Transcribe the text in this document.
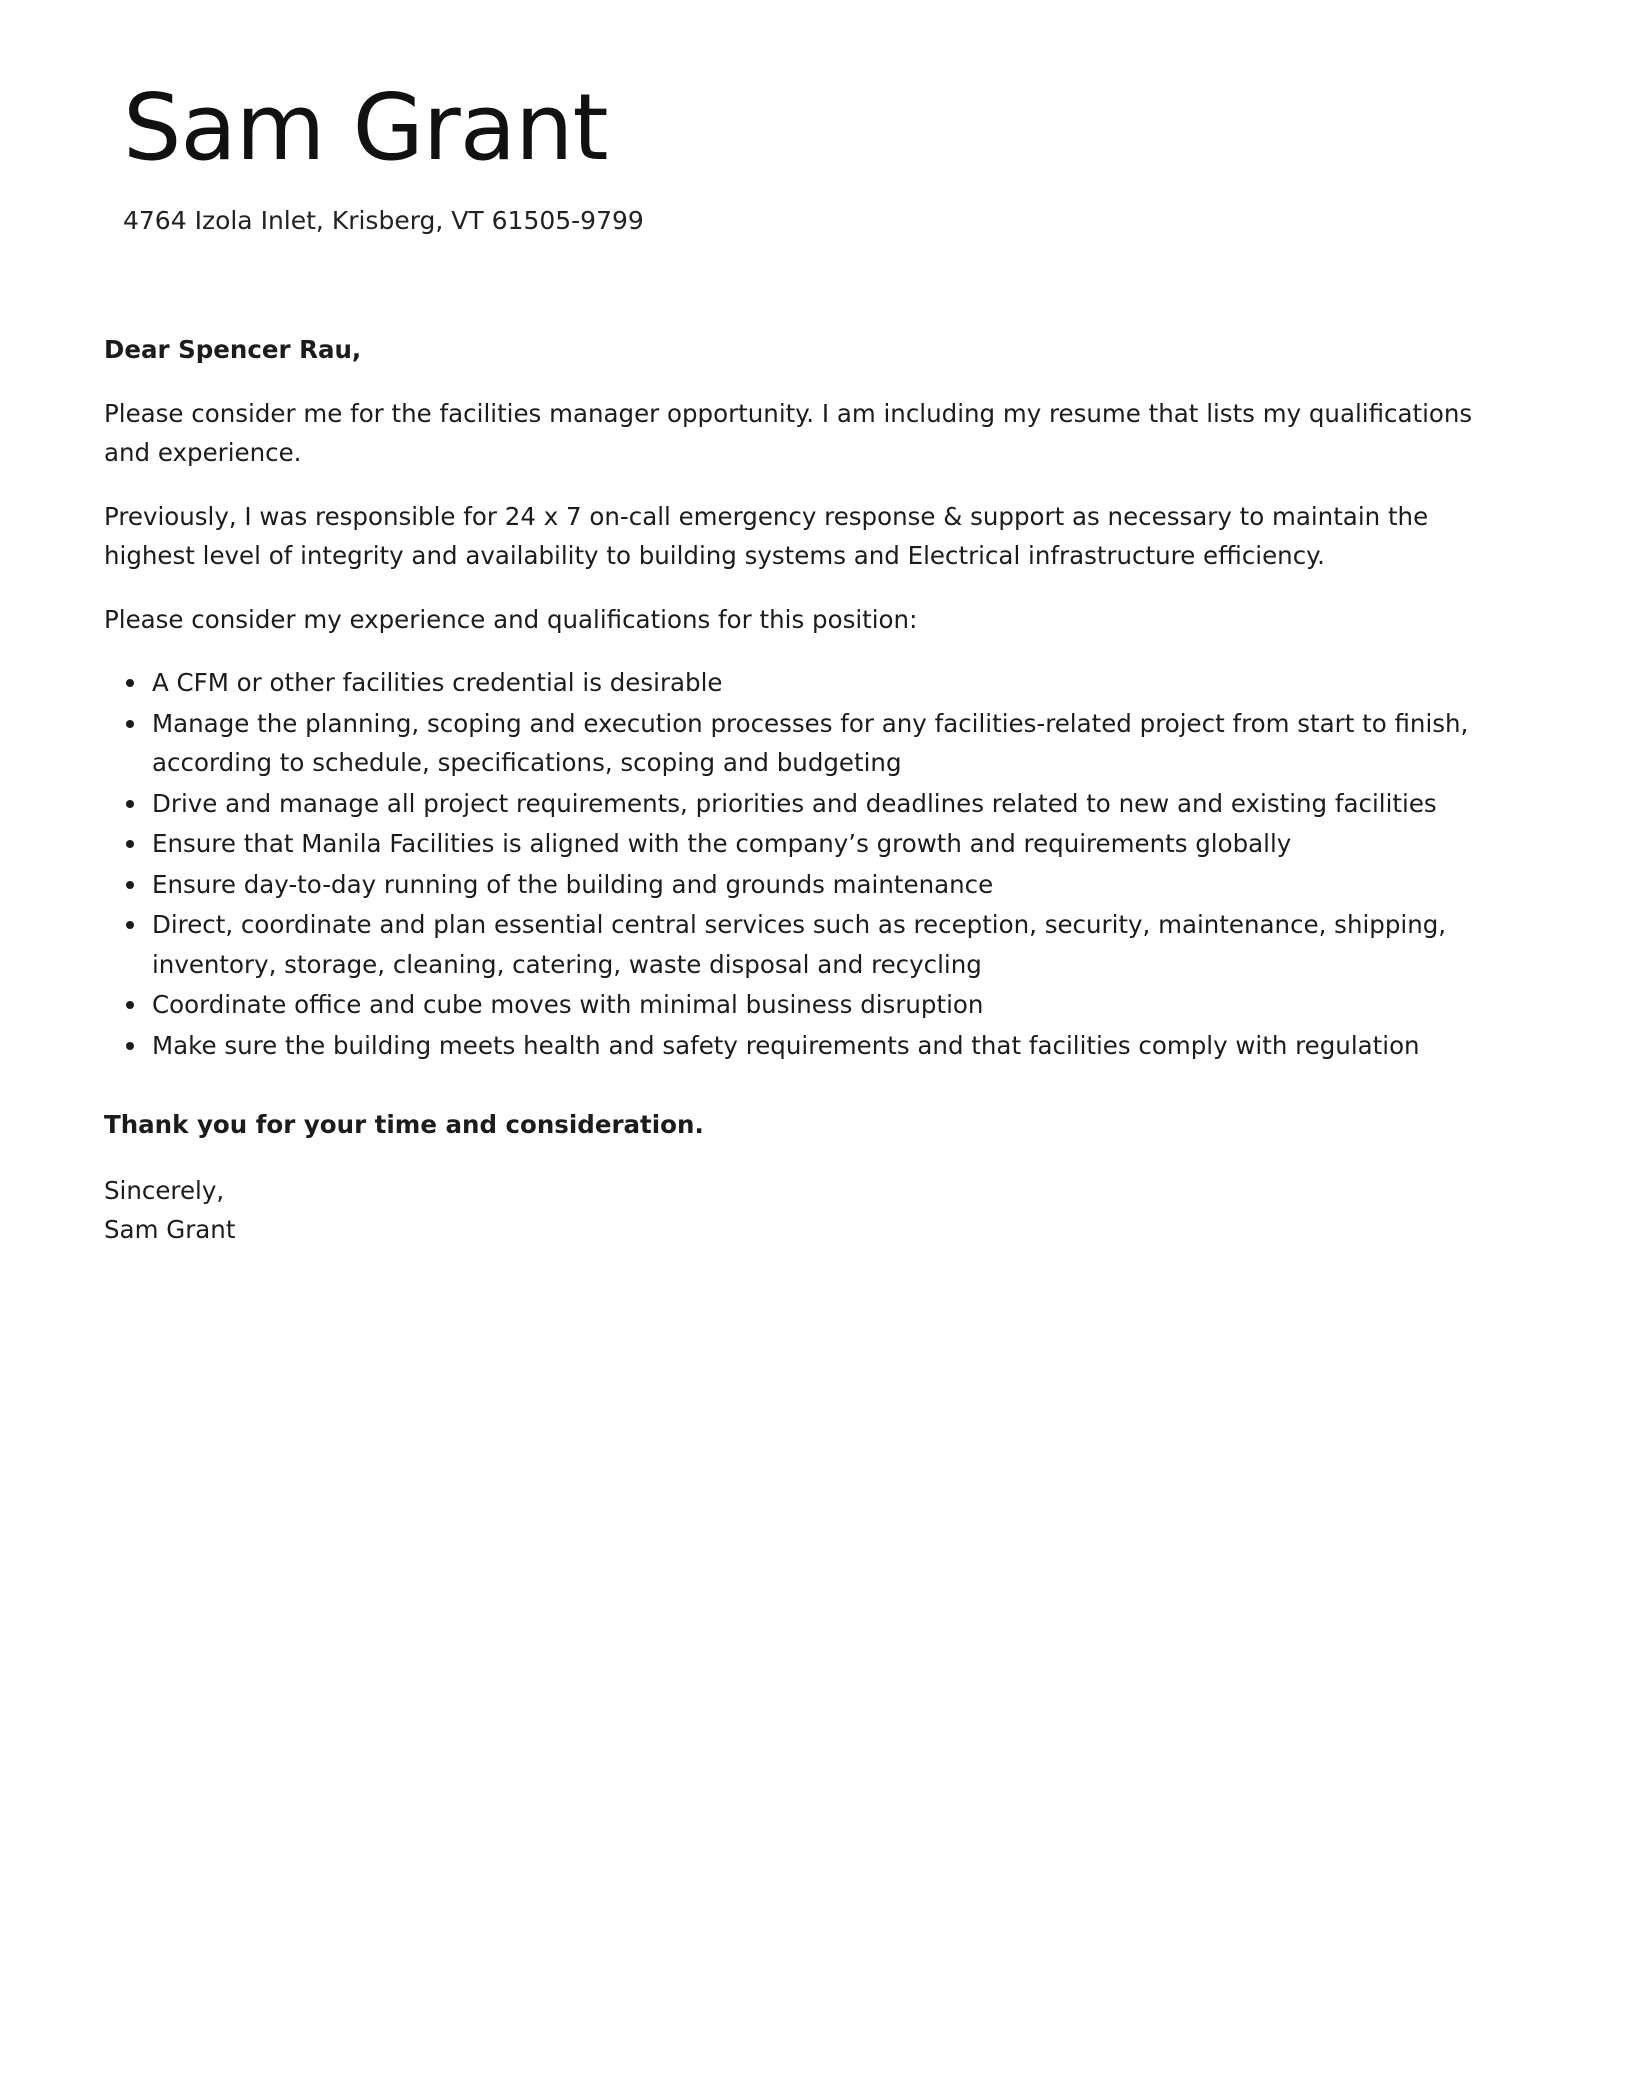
Sam Grant
4764 Izola Inlet, Krisberg, VT 61505-9799

Dear Spencer Rau,

Please consider me for the facilities manager opportunity. I am including my resume that lists my qualifications and experience.

Previously, I was responsible for 24 x 7 on-call emergency response & support as necessary to maintain the highest level of integrity and availability to building systems and Electrical infrastructure efficiency.

Please consider my experience and qualifications for this position:

A CFM or other facilities credential is desirable
Manage the planning, scoping and execution processes for any facilities-related project from start to finish, according to schedule, specifications, scoping and budgeting
Drive and manage all project requirements, priorities and deadlines related to new and existing facilities
Ensure that Manila Facilities is aligned with the company’s growth and requirements globally
Ensure day-to-day running of the building and grounds maintenance
Direct, coordinate and plan essential central services such as reception, security, maintenance, shipping, inventory, storage, cleaning, catering, waste disposal and recycling
Coordinate office and cube moves with minimal business disruption
Make sure the building meets health and safety requirements and that facilities comply with regulation

Thank you for your time and consideration.

Sincerely,

Sam Grant
